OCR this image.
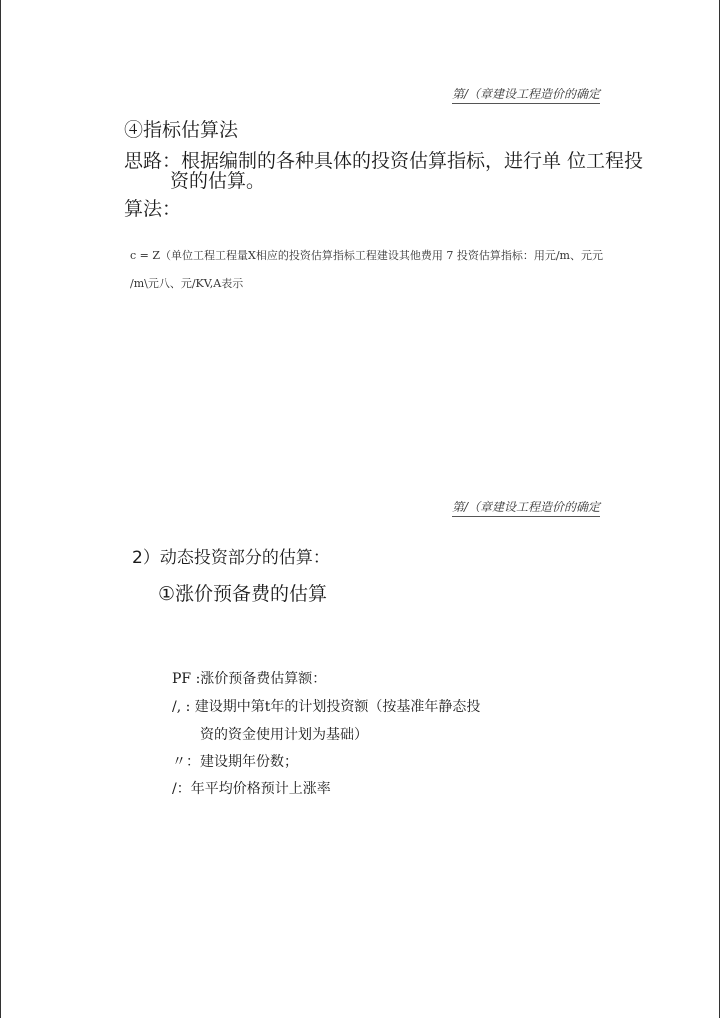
第/（章建设工程造价的确定
④指标估算法
思路：根据编制的各种具体的投资估算指标，进行单 位工程投
资的估算。
算法：
c = Z（单位工程工程量X相应的投资估算指标工程建设其他费用 7 投资估算指标：用元/m、元元
/m\元八、元/KV,A表示
第/（章建设工程造价的确定
2）动态投资部分的估算：
①涨价预备费的估算
PF :涨价预备费估算额：
/, : 建设期中第t年的计划投资额（按基准年静态投
资的资金使用计划为基础）
〃：建设期年份数；
/：年平均价格预计上涨率
